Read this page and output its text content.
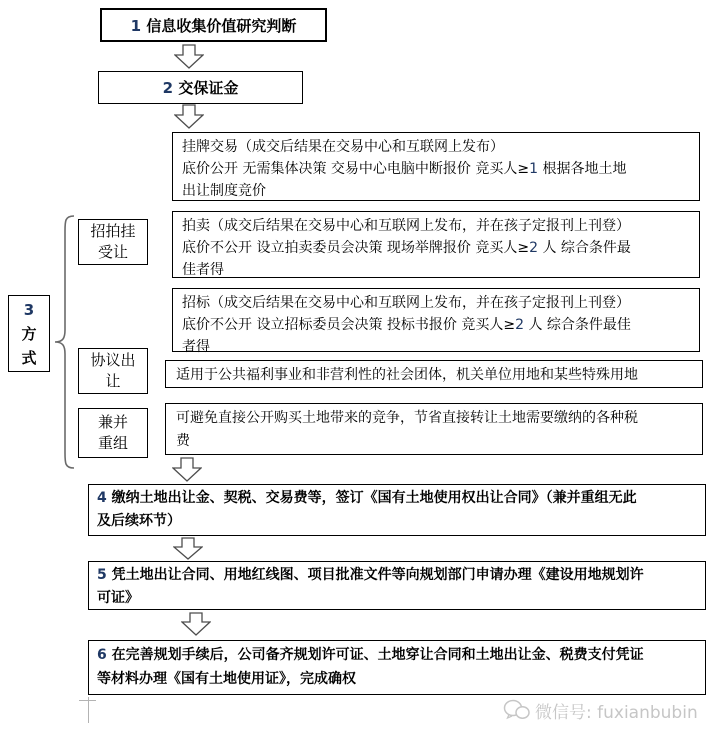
1 信息收集价值研究判断
2 交保证金
3
方
式
招拍挂
受让
协议出
让
兼并
重组
挂牌交易（成交后结果在交易中心和互联网上发布）
底价公开 无需集体决策 交易中心电脑中断报价 竞买人≥1 根据各地土地
出让制度竞价
拍卖（成交后结果在交易中心和互联网上发布，并在孩子定报刊上刊登）
底价不公开 设立拍卖委员会决策 现场举牌报价 竞买人≥2 人 综合条件最
佳者得
招标（成交后结果在交易中心和互联网上发布，并在孩子定报刊上刊登）
底价不公开 设立招标委员会决策 投标书报价 竞买人≥2 人 综合条件最佳
者得
适用于公共福利事业和非营利性的社会团体，机关单位用地和某些特殊用地
可避免直接公开购买土地带来的竞争，节省直接转让土地需要缴纳的各种税
费
4 缴纳土地出让金、契税、交易费等，签订《国有土地使用权出让合同》（兼并重组无此
及后续环节）
5 凭土地出让合同、用地红线图、项目批准文件等向规划部门申请办理《建设用地规划许
可证》
6 在完善规划手续后，公司备齐规划许可证、土地穿让合同和土地出让金、税费支付凭证
等材料办理《国有土地使用证》，完成确权
微信号: fuxianbubin
